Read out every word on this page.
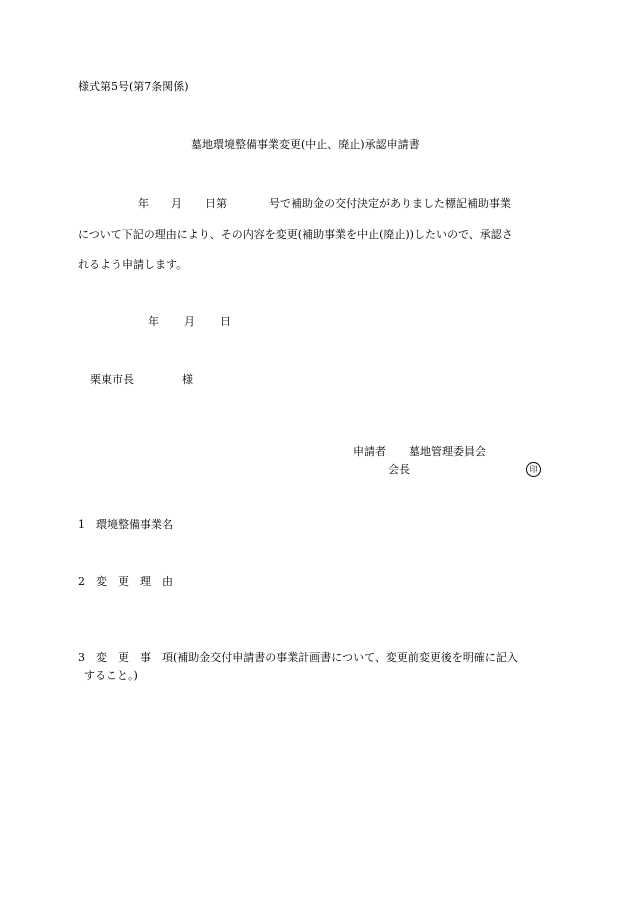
様式第5号(第7条関係)
墓地環境整備事業変更(中止、廃止)承認申請書
年 月 日第	号で補助金の交付決定がありました標記補助事業
について下記の理由により、その内容を変更(補助事業を中止(廃止))したいので、承認さ
れるよう申請します。
年 月 日
栗東市長	様
申請者 墓地管理委員会
会長	印
1　環境整備事業名
2　変　更　理　由
3　変　更　事　項(補助金交付申請書の事業計画書について、変更前変更後を明確に記入
すること。)
